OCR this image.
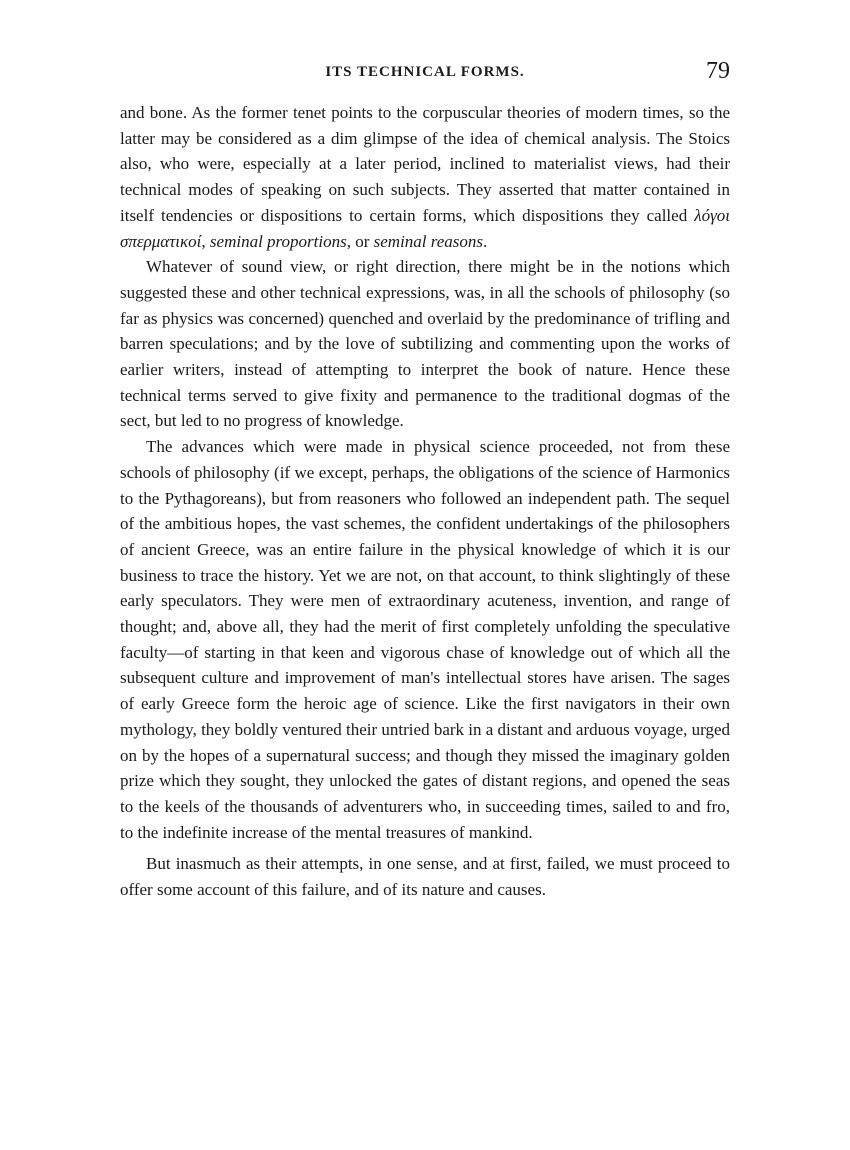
ITS TECHNICAL FORMS.	79

and bone. As the former tenet points to the corpuscular theories of modern times, so the latter may be considered as a dim glimpse of the idea of chemical analysis. The Stoics also, who were, especially at a later period, inclined to materialist views, had their technical modes of speaking on such subjects. They asserted that matter contained in itself tendencies or dispositions to certain forms, which dispositions they called λόγοι σπερματικοί, seminal proportions, or seminal reasons.

Whatever of sound view, or right direction, there might be in the notions which suggested these and other technical expressions, was, in all the schools of philosophy (so far as physics was concerned) quenched and overlaid by the predominance of trifling and barren speculations; and by the love of subtilizing and commenting upon the works of earlier writers, instead of attempting to interpret the book of nature. Hence these technical terms served to give fixity and permanence to the traditional dogmas of the sect, but led to no progress of knowledge.

The advances which were made in physical science proceeded, not from these schools of philosophy (if we except, perhaps, the obligations of the science of Harmonics to the Pythagoreans), but from reasoners who followed an independent path. The sequel of the ambitious hopes, the vast schemes, the confident undertakings of the philosophers of ancient Greece, was an entire failure in the physical knowledge of which it is our business to trace the history. Yet we are not, on that account, to think slightingly of these early speculators. They were men of extraordinary acuteness, invention, and range of thought; and, above all, they had the merit of first completely unfolding the speculative faculty—of starting in that keen and vigorous chase of knowledge out of which all the subsequent culture and improvement of man's intellectual stores have arisen. The sages of early Greece form the heroic age of science. Like the first navigators in their own mythology, they boldly ventured their untried bark in a distant and arduous voyage, urged on by the hopes of a supernatural success; and though they missed the imaginary golden prize which they sought, they unlocked the gates of distant regions, and opened the seas to the keels of the thousands of adventurers who, in succeeding times, sailed to and fro, to the indefinite increase of the mental treasures of mankind.

But inasmuch as their attempts, in one sense, and at first, failed, we must proceed to offer some account of this failure, and of its nature and causes.
